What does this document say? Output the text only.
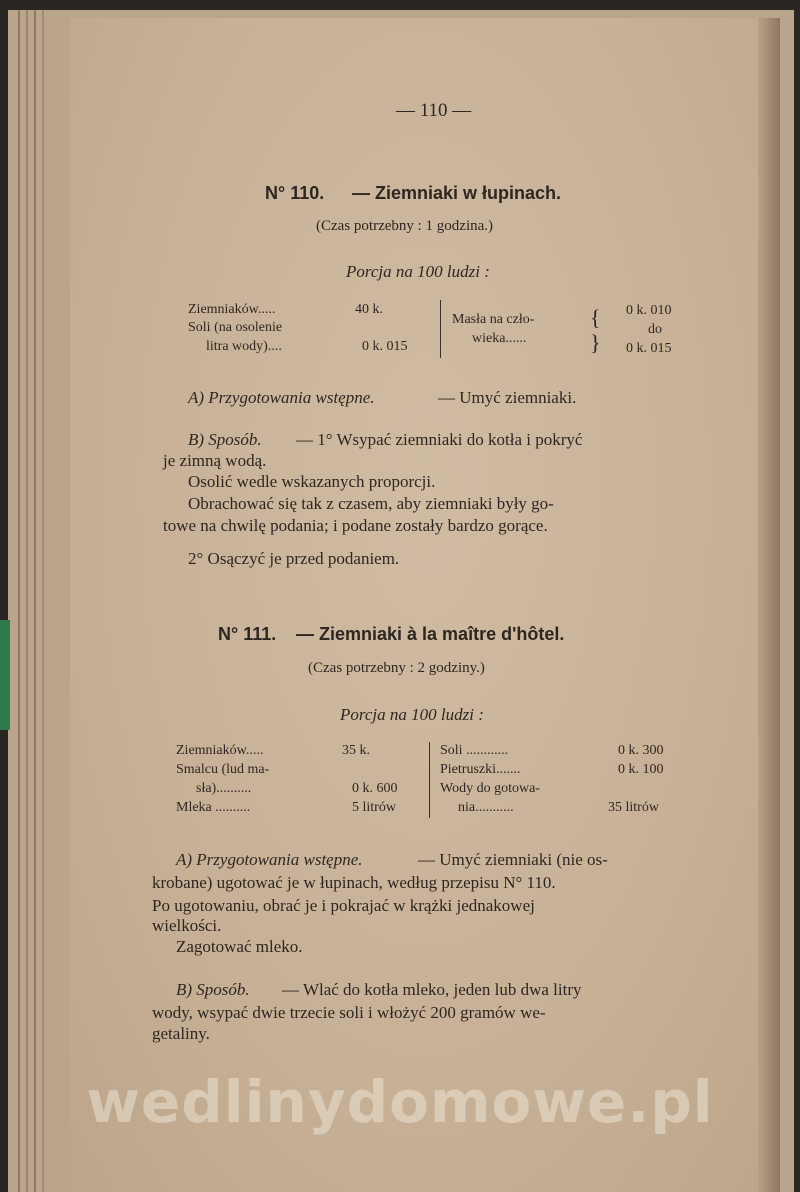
— 110 —
N° 110. — Ziemniaki w łupinach.
(Czas potrzebny : 1 godzina.)
Porcja na 100 ludzi :
Ziemniaków.....	40 k.
Soli (na osolenie
litra wody)....	0 k. 015
Masła na czło-
wieka......
{
}
0 k. 010
do
0 k. 015
A) Przygotowania wstępne.	— Umyć ziemniaki.
B) Sposób. — 1° Wsypać ziemniaki do kotła i pokryć
je zimną wodą.
Osolić wedle wskazanych proporcji.
Obrachować się tak z czasem, aby ziemniaki były go-
towe na chwilę podania; i podane zostały bardzo gorące.
2° Osączyć je przed podaniem.
N° 111. — Ziemniaki à la maître d'hôtel.
(Czas potrzebny : 2 godziny.)
Porcja na 100 ludzi :
Ziemniaków.....	35 k.
Smalcu (lud ma-
sła)..........	0 k. 600
Mleka ..........	5 litrów
Soli ............	0 k. 300
Pietruszki.......	0 k. 100
Wody do gotowa-
nia...........	35 litrów
A) Przygotowania wstępne.	— Umyć ziemniaki (nie os-
krobane) ugotować je w łupinach, według przepisu N° 110.
Po ugotowaniu, obrać je i pokrajać w krążki jednakowej
wielkości.
Zagotować mleko.
B) Sposób. — Wlać do kotła mleko, jeden lub dwa litry
wody, wsypać dwie trzecie soli i włożyć 200 gramów we-
getaliny.
wedlinydomowe.pl
